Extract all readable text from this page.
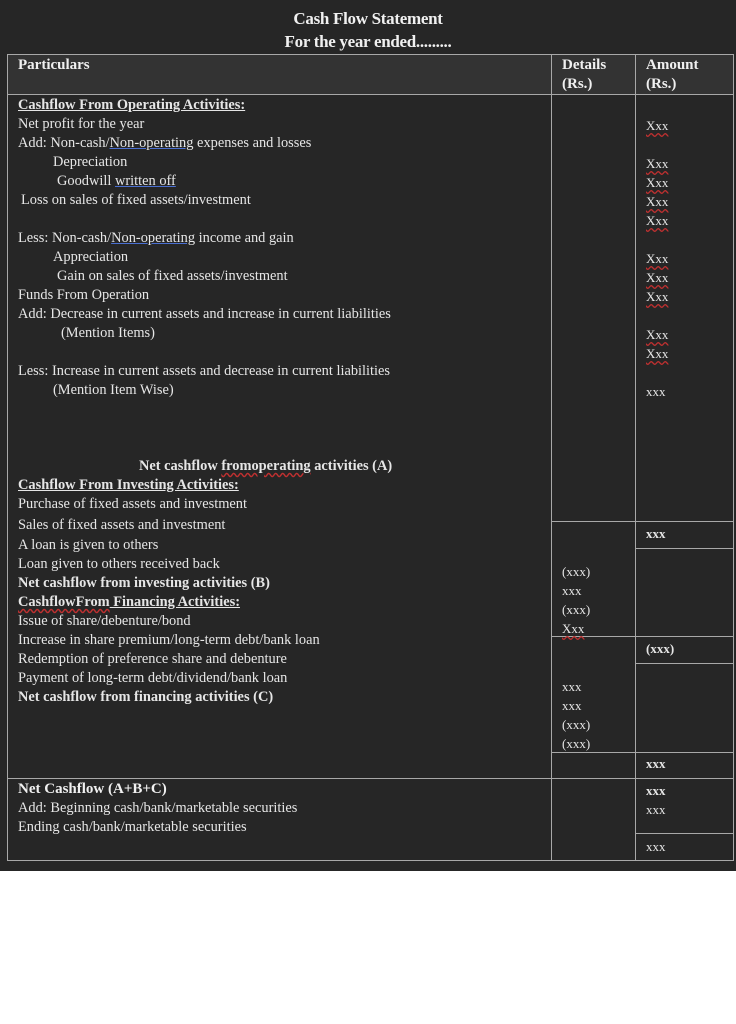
Cash Flow Statement
For the year ended.........
Particulars	Details
(Rs.)
Amount
(Rs.)
Cashflow From Operating Activities:
Net profit for the year
Add: Non-cash/Non-operating expenses and losses
Depreciation
Goodwill written off
Loss on sales of fixed assets/investment
Less: Non-cash/Non-operating income and gain
Appreciation
Gain on sales of fixed assets/investment
Funds From Operation
Add: Decrease in current assets and increase in current liabilities
(Mention Items)
Less: Increase in current assets and decrease in current liabilities
(Mention Item Wise)
Net cashflow fromoperating activities (A)
Xxx
Xxx
Xxx
Xxx
Xxx
Xxx
Xxx
Xxx
Xxx
Xxx
xxx
xxx
Cashflow From Investing Activities:
Purchase of fixed assets and investment
Sales of fixed assets and investment
A loan is given to others
Loan given to others received back
Net cashflow from investing activities (B)
(xxx)
xxx
(xxx)
Xxx
(xxx)
CashflowFrom Financing Activities:
Issue of share/debenture/bond
Increase in share premium/long-term debt/bank loan
Redemption of preference share and debenture
Payment of long-term debt/dividend/bank loan
Net cashflow from financing activities (C)
xxx
xxx
(xxx)
(xxx)
xxx
Net Cashflow (A+B+C)
Add: Beginning cash/bank/marketable securities
Ending cash/bank/marketable securities
xxx
xxx
xxx
